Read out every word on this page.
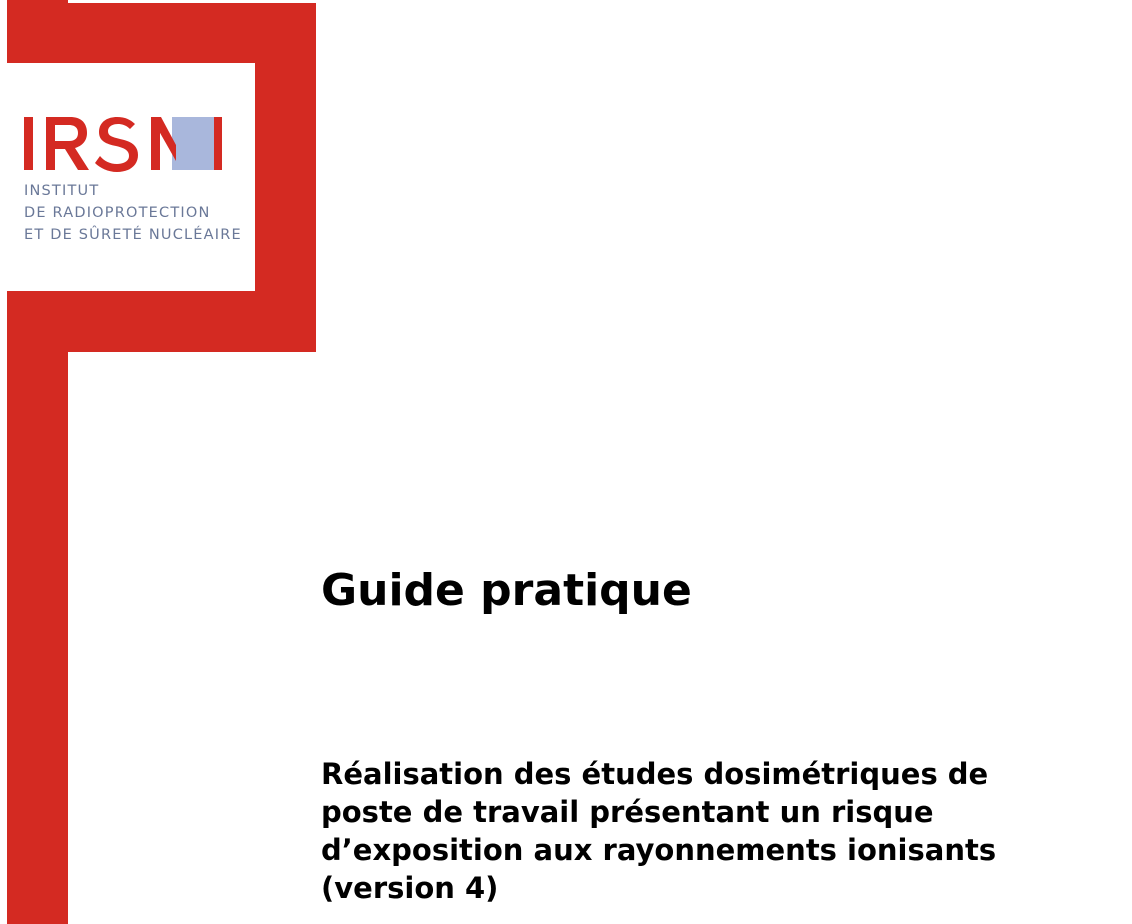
INSTITUT
DE RADIOPROTECTION
ET DE SÛRETÉ NUCLÉAIRE
Guide pratique
Réalisation des études dosimétriques de
poste de travail présentant un risque
d’exposition aux rayonnements ionisants
(version 4)
